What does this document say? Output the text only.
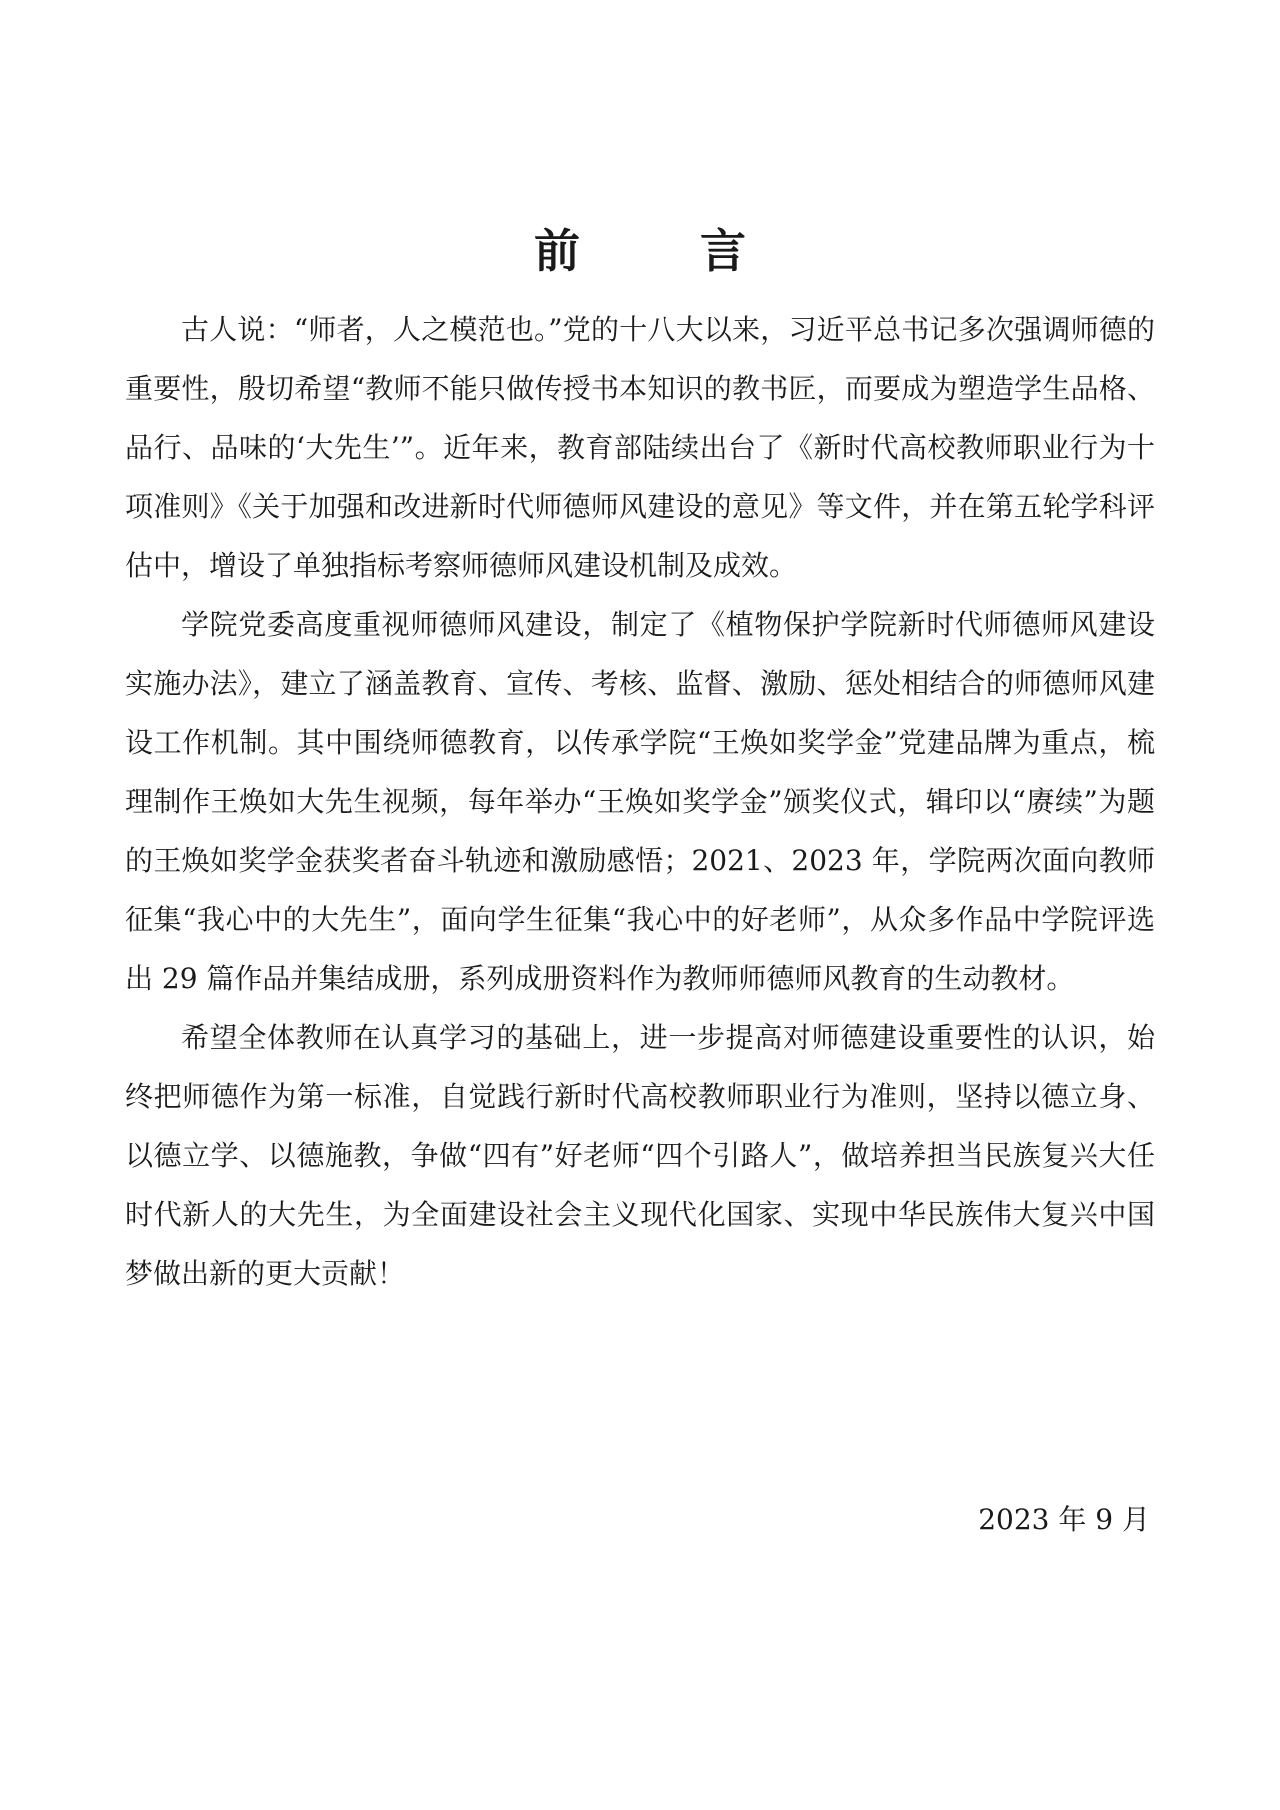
前 言

古人说：“师者，人之模范也。”党的十八大以来，习近平总书记多次强调师德的重要性，殷切希望“教师不能只做传授书本知识的教书匠，而要成为塑造学生品格、品行、品味的‘大先生’”。近年来，教育部陆续出台了《新时代高校教师职业行为十项准则》《关于加强和改进新时代师德师风建设的意见》等文件，并在第五轮学科评估中，增设了单独指标考察师德师风建设机制及成效。

学院党委高度重视师德师风建设，制定了《植物保护学院新时代师德师风建设实施办法》，建立了涵盖教育、宣传、考核、监督、激励、惩处相结合的师德师风建设工作机制。其中围绕师德教育，以传承学院“王焕如奖学金”党建品牌为重点，梳理制作王焕如大先生视频，每年举办“王焕如奖学金”颁奖仪式，辑印以“赓续”为题的王焕如奖学金获奖者奋斗轨迹和激励感悟；2021、2023 年，学院两次面向教师征集“我心中的大先生”，面向学生征集“我心中的好老师”，从众多作品中学院评选出 29 篇作品并集结成册，系列成册资料作为教师师德师风教育的生动教材。

希望全体教师在认真学习的基础上，进一步提高对师德建设重要性的认识，始终把师德作为第一标准，自觉践行新时代高校教师职业行为准则，坚持以德立身、以德立学、以德施教，争做“四有”好老师“四个引路人”，做培养担当民族复兴大任时代新人的大先生，为全面建设社会主义现代化国家、实现中华民族伟大复兴中国梦做出新的更大贡献！

2023 年 9 月
